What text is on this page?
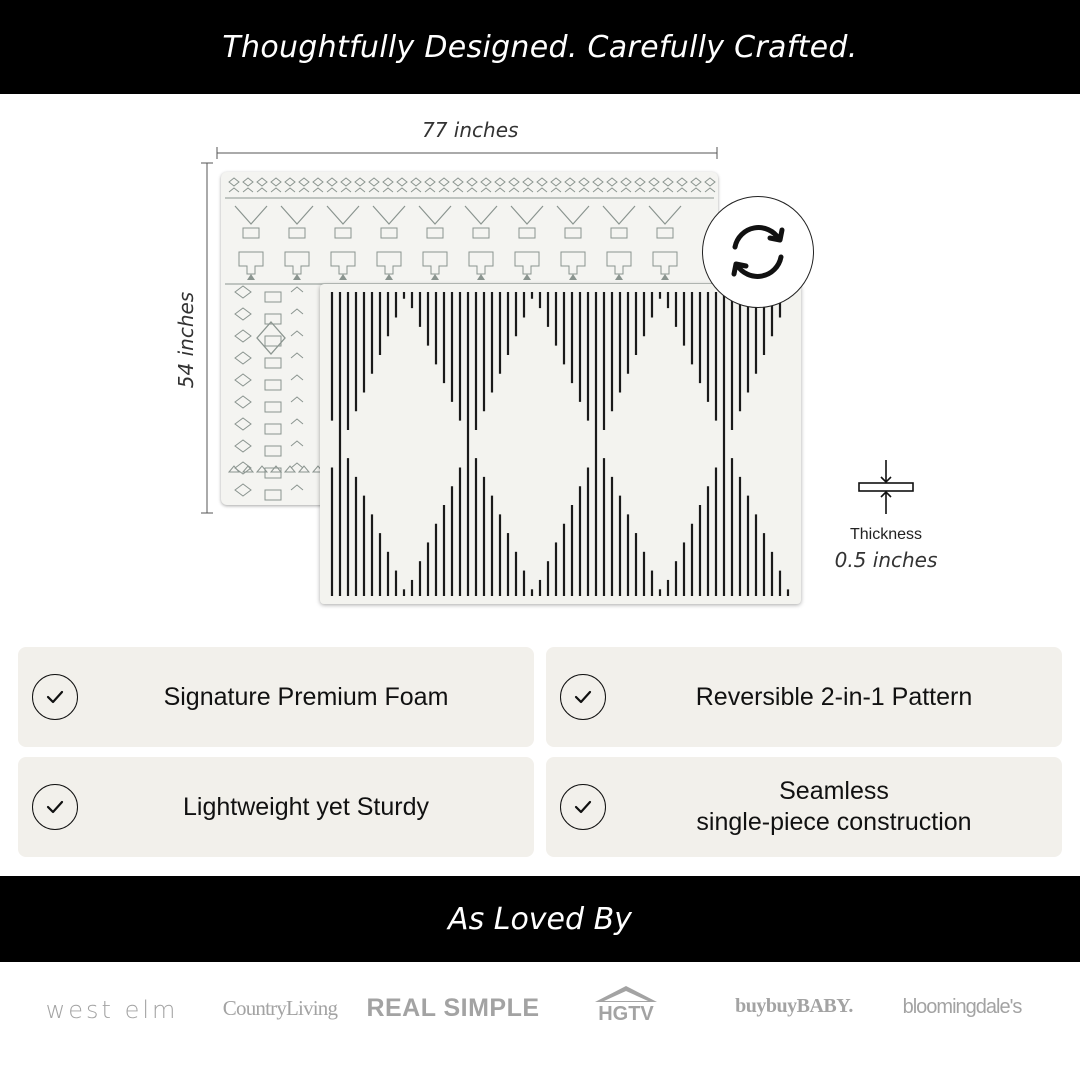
Thoughtfully Designed. Carefully Crafted.
77 inches
54 inches
Thickness
0.5 inches
Signature Premium Foam	Reversible 2-in-1 Pattern
Lightweight yet Sturdy
Seamless
single-piece construction
As Loved By
west elm CountryLiving REAL SIMPLE	HGTV	buybuyBABY. bloomingdale's
